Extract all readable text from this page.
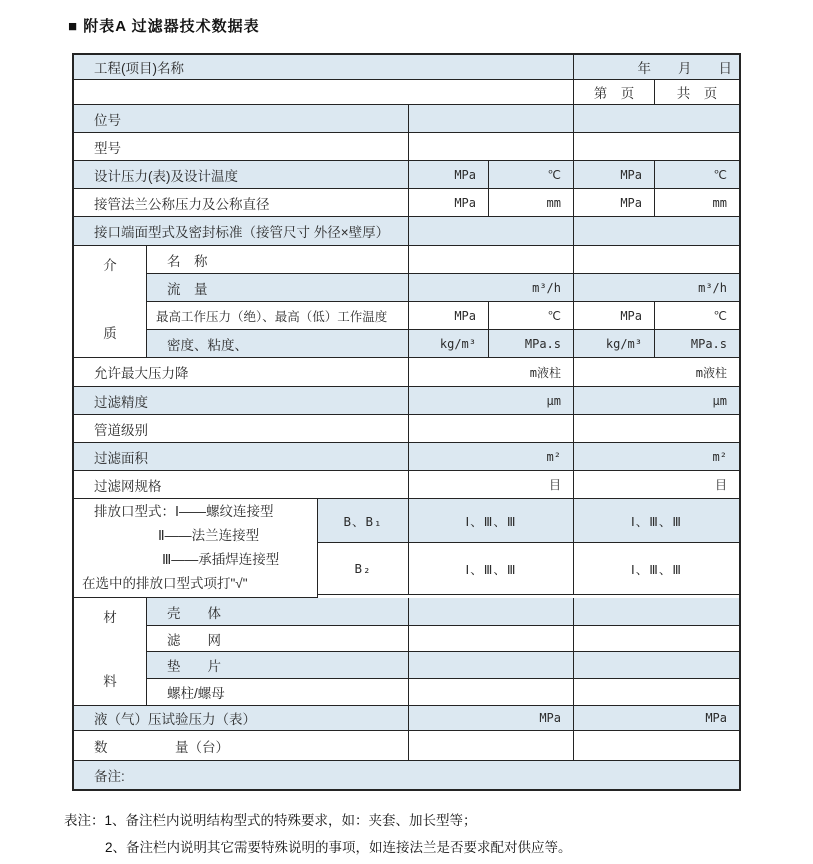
■ 附表A 过滤器技术数据表
工程(项目)名称	年　　月　　日
第　页	共　页
位号
型号
设计压力(表)及设计温度	MPa	℃	MPa	℃
接管法兰公称压力及公称直径	MPa	mm	MPa	mm
接口端面型式及密封标准（接管尺寸 外径×壁厚）
介
质
名　称
流　量	m³/h	m³/h
最高工作压力（绝）、最高（低）工作温度	MPa	℃	MPa	℃
密度、粘度、	kg/m³	MPa.s	kg/m³	MPa.s
允许最大压力降	m液柱	m液柱
过滤精度	μm	μm
管道级别
过滤面积	m²	m²
过滤网规格	目	目
排放口型式：Ⅰ——螺纹连接型
Ⅱ——法兰连接型
Ⅲ——承插焊连接型
在选中的排放口型式项打"√"
B、B₁	Ⅰ、Ⅲ、Ⅲ	Ⅰ、Ⅲ、Ⅲ
B₂	Ⅰ、Ⅲ、Ⅲ	Ⅰ、Ⅲ、Ⅲ
材
料
壳　　体
滤　　网
垫　　片
螺柱/螺母
液（气）压试验压力（表）	MPa	MPa
数　　　　　量（台）
备注:
表注：1、备注栏内说明结构型式的特殊要求，如：夹套、加长型等；
2、备注栏内说明其它需要特殊说明的事项，如连接法兰是否要求配对供应等。
